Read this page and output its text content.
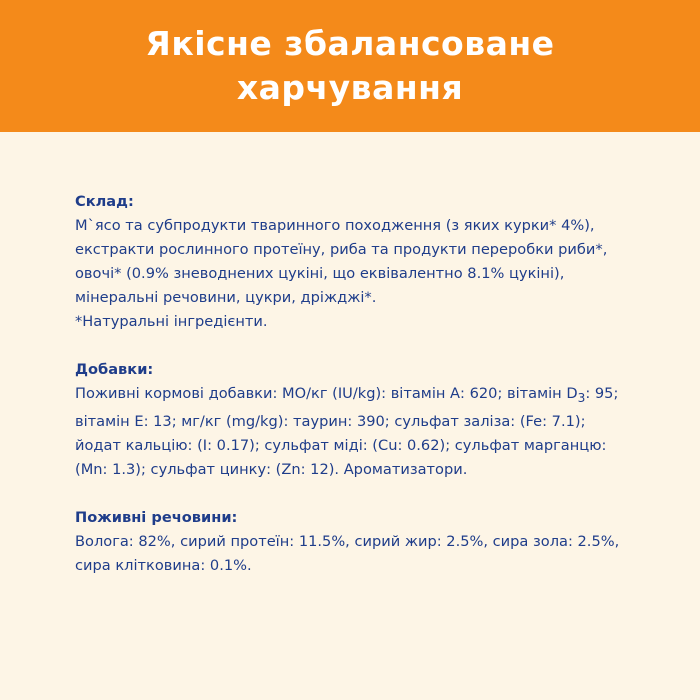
Якісне збалансоване
харчування
Склад:

М`ясо та субпродукти тваринного походження (з яких курки* 4%), екстракти рослинного протеїну, риба та продукти переробки риби*, овочі* (0.9% зневоднених цукіні, що еквівалентно 8.1% цукіні), мінеральні речовини, цукри, дріжджі*.

*Натуральні інгредієнти.

Добавки:

Поживні кормові добавки: МО/кг (IU/kg): вітамін А: 620; вітамін $D_3$: 95; вітамін Е: 13; мг/кг (mg/kg): таурин: 390; сульфат заліза: (Fe: 7.1); йодат кальцію: (I: 0.17); сульфат міді: (Cu: 0.62); сульфат марганцю: (Mn: 1.3); сульфат цинку: (Zn: 12). Ароматизатори.

Поживні речовини:

Волога: 82%, сирий протеїн: 11.5%, сирий жир: 2.5%, сира зола: 2.5%, сира клітковина: 0.1%.
